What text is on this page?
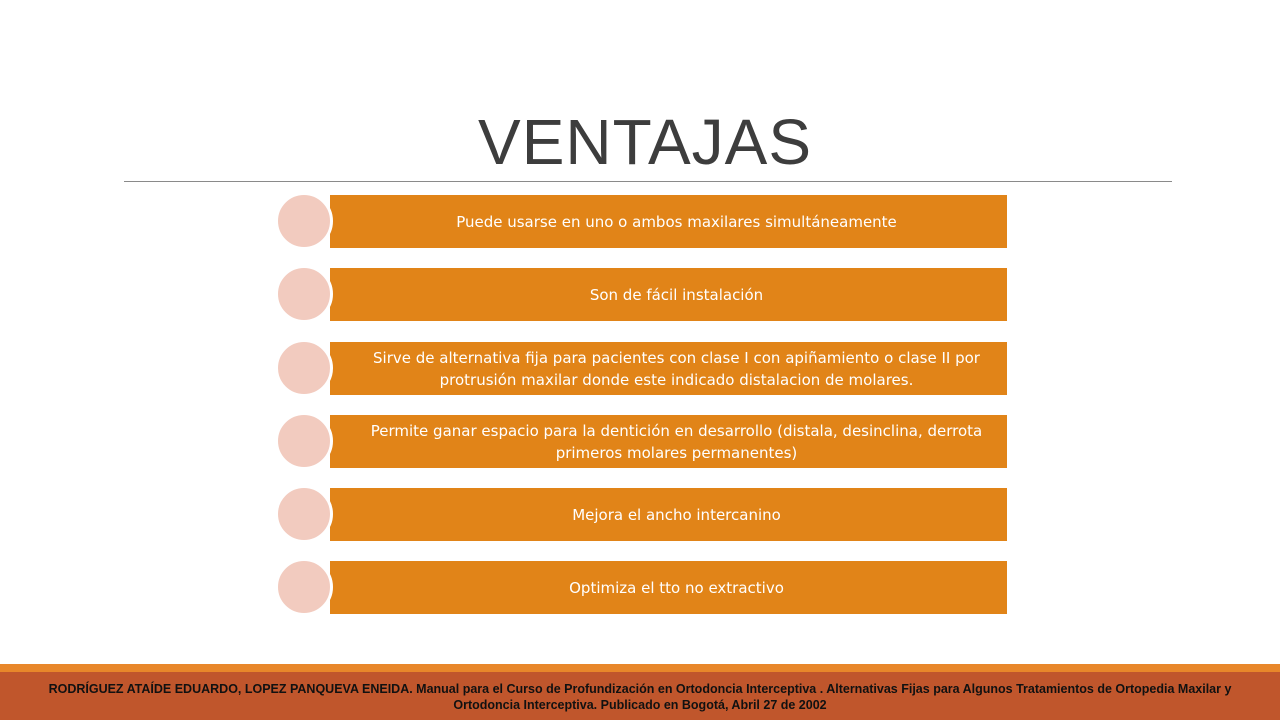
VENTAJAS
Puede usarse en uno o ambos maxilares simultáneamente
Son de fácil instalación
Sirve de alternativa fija para pacientes con clase I con apiñamiento o clase II por protrusión maxilar donde este indicado distalacion de molares.
Permite ganar espacio para la dentición en desarrollo (distala, desinclina, derrota primeros molares permanentes)
Mejora el ancho intercanino
Optimiza el tto no extractivo
RODRÍGUEZ ATAÍDE EDUARDO, LOPEZ PANQUEVA ENEIDA. Manual para el Curso de Profundización en Ortodoncia Interceptiva . Alternativas Fijas para Algunos Tratamientos de Ortopedia Maxilar y Ortodoncia Interceptiva. Publicado en Bogotá, Abril 27 de 2002
